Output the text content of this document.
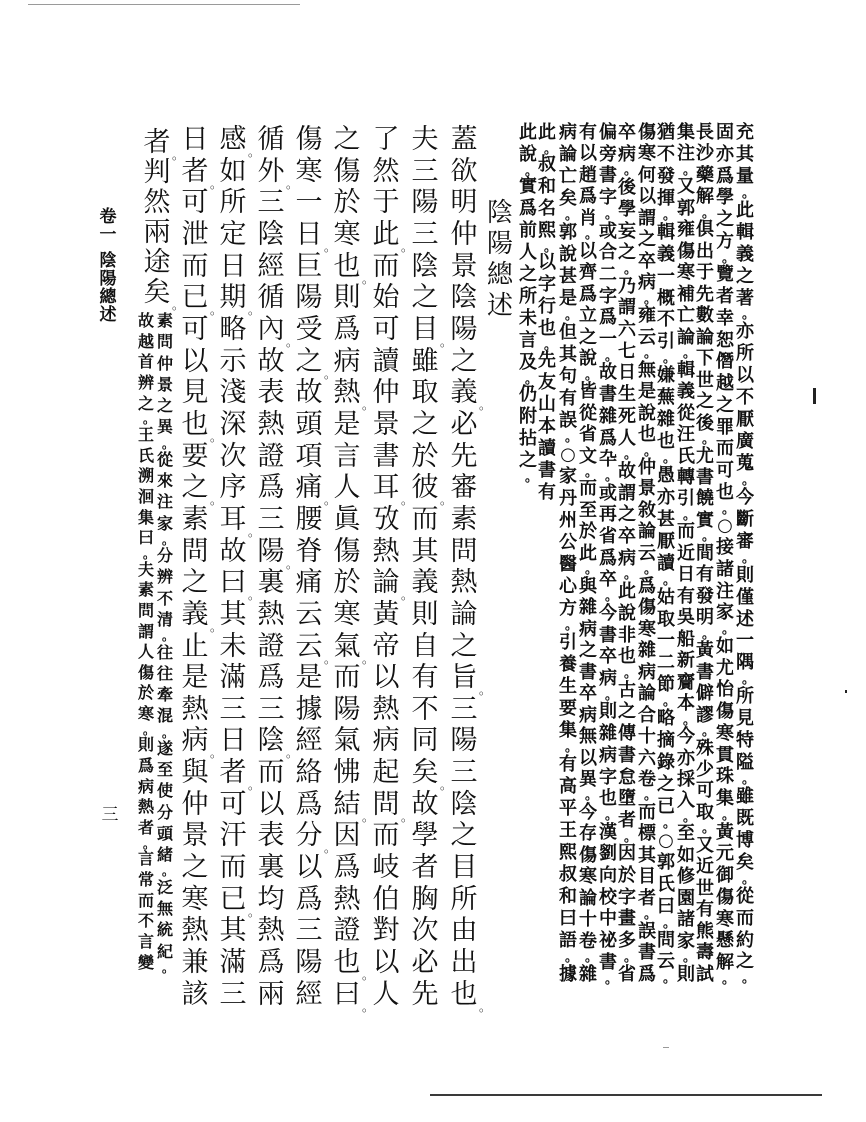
充
其
量
。
此
輯
義
之
著
。
亦
所
以
不
厭
廣
蒐
。
今
斷
審
。
則
僅
述
一
隅
。
所
見
特
隘
。
雖
既
博
矣
。
從
而
約
之
。
固
亦
爲
學
之
方
。
覽
者
幸
恕
僭
越
之
罪
而
可
也
。
○
接
諸
注
家
。
如
尤
怡
傷
寒
貫
珠
集
。
黃
元
御
傷
寒
懸
解
。
長
沙
藥
解
。
俱
出
于
先
數
論
下
世
之
後
。
尤
書
饒
實
。
間
有
發
明
。
黃
書
僻
謬
。
殊
少
可
取
。
又
近
世
有
熊
壽
試
集
注
。
又
郭
雍
傷
寒
補
亡
論
。
輯
義
從
汪
氏
轉
引
。
而
近
日
有
吳
船
新
齎
本
。
今
亦
採
入
。
至
如
修
園
諸
家
。
則
猶
不
發
揮
。
輯
義
一
概
不
引
。
嫌
蕪
雜
也
。
愚
亦
甚
厭
讀
。
姑
取
一
二
節
。
略
摘
錄
之
已
。
○
郭
氏
曰
。
問
云
。
傷
寒
何
以
謂
之
卒
病
。
雍
云
。
無
是
說
也
。
仲
景
敘
論
云
。
爲
傷
寒
雜
病
論
合
十
六
卷
。
而
標
其
目
者
。
誤
書
爲
卒
病
。
後
學
妄
之
。
乃
謂
六
七
日
生
死
人
。
故
謂
之
卒
病
。
此
說
非
也
。
古
之
傳
書
怠
墮
者
。
因
於
字
畫
多
。
省
偏
旁
書
字
。
或
合
二
字
爲
一
。
故
書
雜
爲
卆
。
或
再
省
爲
卒
。
今
書
卒
病
。
則
雜
病
字
也
。
漢
劉
向
校
中
祕
書
。
有
以
趙
爲
肖
。
以
齊
爲
立
之
說
。
皆
從
省
文
。
而
至
於
此
。
與
雜
病
之
書
卒
病
無
以
異
。
今
存
傷
寒
論
十
卷
。
雜
病
論
亡
矣
。
郭
說
甚
是
。
但
其
句
有
誤
。
○
家
丹
州
公
醫
心
方
。
引
養
生
要
集
。
有
高
平
王
熙
叔
和
曰
語
。
據
此
。
叔
和
名
熙
。
以
字
行
也
。
先
友
山
本
讀
書
有
此
說
。
實
爲
前
人
之
所
未
言
及
。
仍
附
拈
之
。
陰
陽
總
述
蓋
欲
明
仲
景
陰
陽
之
義 。
必
先
審
素
問
熱
論
之
旨 。
三
陽
三
陰
之
目
所
由
出
也 。
夫
三
陽
三
陰
之
目 。
雖
取
之
於
彼 。
而
其
義
則
自
有
不
同
矣 。
故
學
者
胸
次
必
先
了
然
于
此 。
而
始
可
讀
仲
景
書
耳 。
攷
熱
論 。
黃
帝
以
熱
病
起
問 。
而
岐
伯
對
以
人
之
傷
於
寒
也 。
則
爲
病
熱 。
是
言
人
眞
傷
於
寒
氣 。
而
陽
氣
怫
結 。
因
爲
熱
證
也 。
曰 。
傷
寒
一
日 。
巨
陽
受
之 。
故
頭
項
痛 。
腰
脊
痛
云
云 。
是
據
經
絡
爲
分 。
以
爲
三
陽
經
循
外 。
三
陰
經
循
內 。
故
表
熱
證
爲
三
陽 。
裏
熱
證
爲
三
陰 。
而
以
表
裏
均
熱
爲
兩
感 。
如
所
定
日
期 。
略
示
淺
深
次
序
耳 。
故
曰 。
其
未
滿
三
日
者 。
可
汗
而
已 。
其
滿
三
日
者 。
可
泄
而
已 。
可
以
見
也 。
要
之 。
素
問
之
義 。
止
是
熱
病 。
與
仲
景
之
寒
熱
兼
該
者 。
判
然
兩
途
矣 。
素
問
仲
景
之
異
。
從
來
注
家
。
分
辨
不
清
。
往
往
牽
混
。
遂
至
使
分
頭
緒
。
泛
無
統
紀
。
故
越
首
辨
之
。
王
氏
溯
洄
集
曰
。
夫
素
問
謂
人
傷
於
寒
。
則
爲
病
熱
者
。
言
常
而
不
言
變
卷
一
陰
陽
總
述
三
